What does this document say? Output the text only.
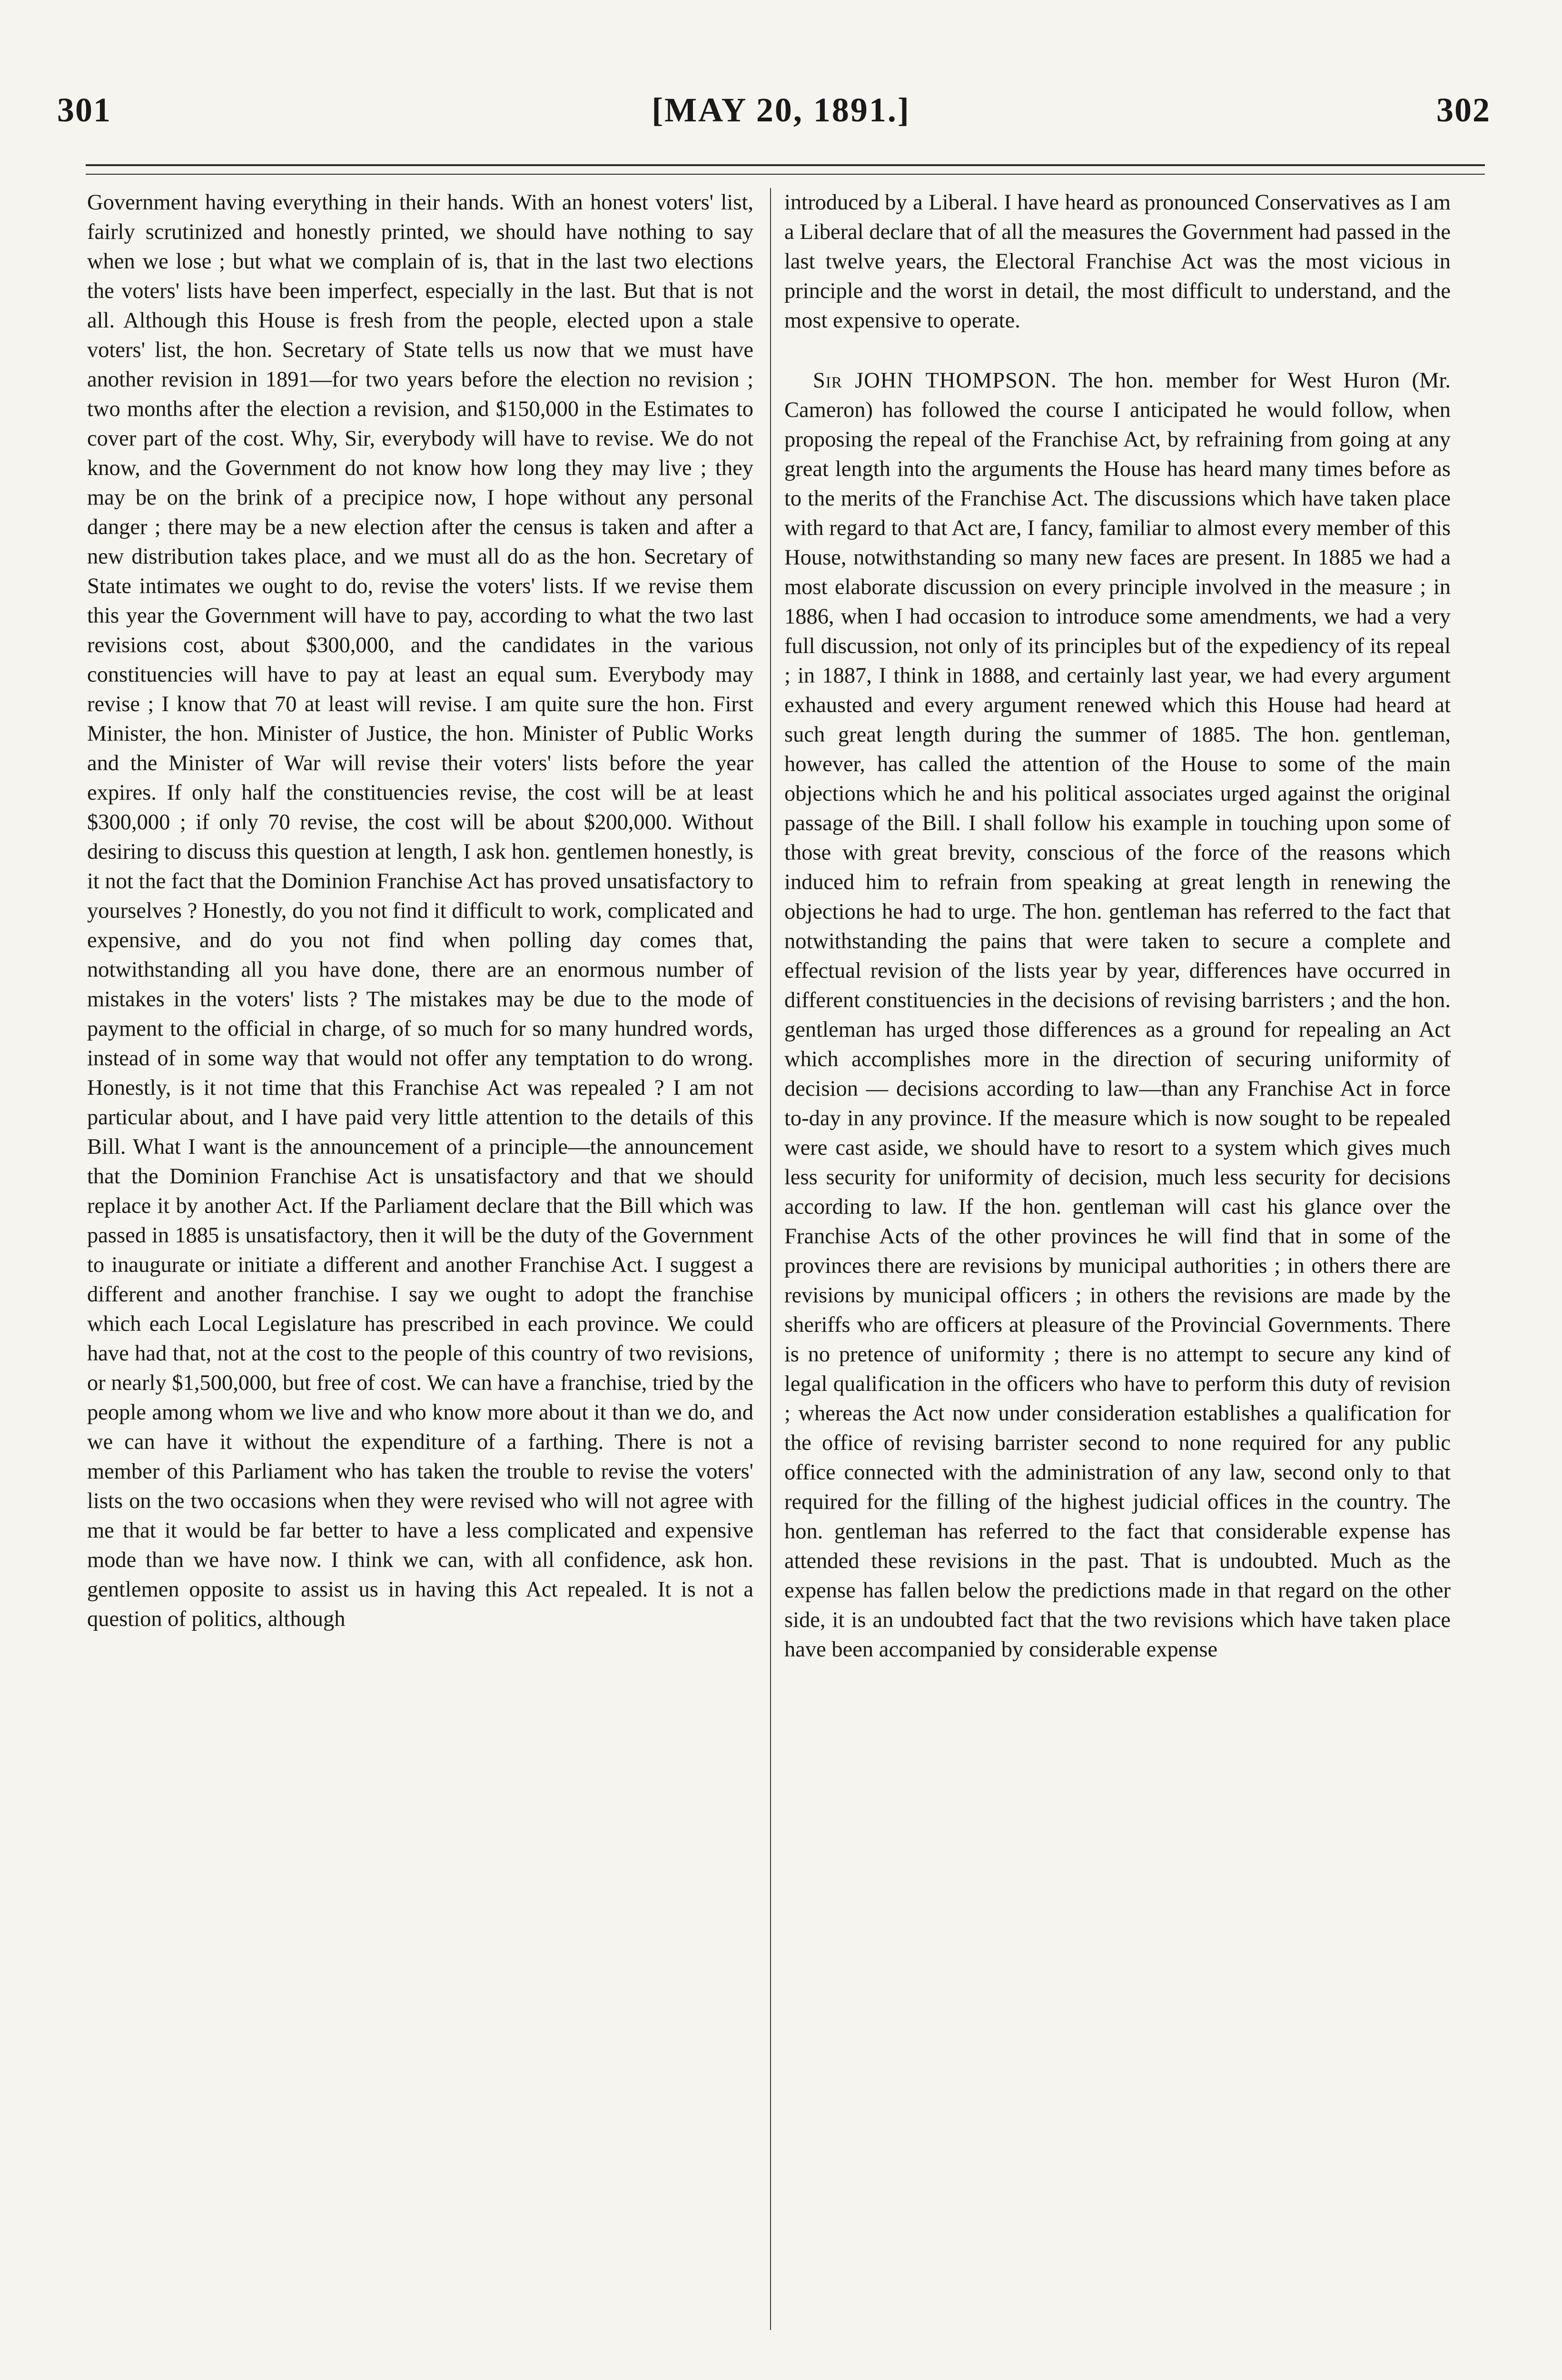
301	[MAY 20, 1891.]	302

Government having everything in their hands. With an honest voters' list, fairly scrutinized and honestly printed, we should have nothing to say when we lose ; but what we complain of is, that in the last two elections the voters' lists have been imperfect, especially in the last. But that is not all. Although this House is fresh from the people, elected upon a stale voters' list, the hon. Secretary of State tells us now that we must have another revision in 1891—for two years before the election no revision ; two months after the election a revision, and $150,000 in the Estimates to cover part of the cost. Why, Sir, everybody will have to revise. We do not know, and the Government do not know how long they may live ; they may be on the brink of a precipice now, I hope without any personal danger ; there may be a new election after the census is taken and after a new distribution takes place, and we must all do as the hon. Secretary of State intimates we ought to do, revise the voters' lists. If we revise them this year the Government will have to pay, according to what the two last revisions cost, about $300,000, and the candidates in the various constituencies will have to pay at least an equal sum. Everybody may revise ; I know that 70 at least will revise. I am quite sure the hon. First Minister, the hon. Minister of Justice, the hon. Minister of Public Works and the Minister of War will revise their voters' lists before the year expires. If only half the constituencies revise, the cost will be at least $300,000 ; if only 70 revise, the cost will be about $200,000. Without desiring to discuss this question at length, I ask hon. gentlemen honestly, is it not the fact that the Dominion Franchise Act has proved unsatisfactory to yourselves ? Honestly, do you not find it difficult to work, complicated and expensive, and do you not find when polling day comes that, notwithstanding all you have done, there are an enormous number of mistakes in the voters' lists ? The mistakes may be due to the mode of payment to the official in charge, of so much for so many hundred words, instead of in some way that would not offer any temptation to do wrong. Honestly, is it not time that this Franchise Act was repealed ? I am not particular about, and I have paid very little attention to the details of this Bill. What I want is the announcement of a principle—the announcement that the Dominion Franchise Act is unsatisfactory and that we should replace it by another Act. If the Parliament declare that the Bill which was passed in 1885 is unsatisfactory, then it will be the duty of the Government to inaugurate or initiate a different and another Franchise Act. I suggest a different and another franchise. I say we ought to adopt the franchise which each Local Legislature has prescribed in each province. We could have had that, not at the cost to the people of this country of two revisions, or nearly $1,500,000, but free of cost. We can have a franchise, tried by the people among whom we live and who know more about it than we do, and we can have it without the expenditure of a farthing. There is not a member of this Parliament who has taken the trouble to revise the voters' lists on the two occasions when they were revised who will not agree with me that it would be far better to have a less complicated and expensive mode than we have now. I think we can, with all confidence, ask hon. gentlemen opposite to assist us in having this Act repealed. It is not a question of politics, although

introduced by a Liberal. I have heard as pronounced Conservatives as I am a Liberal declare that of all the measures the Government had passed in the last twelve years, the Electoral Franchise Act was the most vicious in principle and the worst in detail, the most difficult to understand, and the most expensive to operate.

Sir JOHN THOMPSON. The hon. member for West Huron (Mr. Cameron) has followed the course I anticipated he would follow, when proposing the repeal of the Franchise Act, by refraining from going at any great length into the arguments the House has heard many times before as to the merits of the Franchise Act. The discussions which have taken place with regard to that Act are, I fancy, familiar to almost every member of this House, notwithstanding so many new faces are present. In 1885 we had a most elaborate discussion on every principle involved in the measure ; in 1886, when I had occasion to introduce some amendments, we had a very full discussion, not only of its principles but of the expediency of its repeal ; in 1887, I think in 1888, and certainly last year, we had every argument exhausted and every argument renewed which this House had heard at such great length during the summer of 1885. The hon. gentleman, however, has called the attention of the House to some of the main objections which he and his political associates urged against the original passage of the Bill. I shall follow his example in touching upon some of those with great brevity, conscious of the force of the reasons which induced him to refrain from speaking at great length in renewing the objections he had to urge. The hon. gentleman has referred to the fact that notwithstanding the pains that were taken to secure a complete and effectual revision of the lists year by year, differences have occurred in different constituencies in the decisions of revising barristers ; and the hon. gentleman has urged those differences as a ground for repealing an Act which accomplishes more in the direction of securing uniformity of decision — decisions according to law—than any Franchise Act in force to-day in any province. If the measure which is now sought to be repealed were cast aside, we should have to resort to a system which gives much less security for uniformity of decision, much less security for decisions according to law. If the hon. gentleman will cast his glance over the Franchise Acts of the other provinces he will find that in some of the provinces there are revisions by municipal authorities ; in others there are revisions by municipal officers ; in others the revisions are made by the sheriffs who are officers at pleasure of the Provincial Governments. There is no pretence of uniformity ; there is no attempt to secure any kind of legal qualification in the officers who have to perform this duty of revision ; whereas the Act now under consideration establishes a qualification for the office of revising barrister second to none required for any public office connected with the administration of any law, second only to that required for the filling of the highest judicial offices in the country. The hon. gentleman has referred to the fact that considerable expense has attended these revisions in the past. That is undoubted. Much as the expense has fallen below the predictions made in that regard on the other side, it is an undoubted fact that the two revisions which have taken place have been accompanied by considerable expense
